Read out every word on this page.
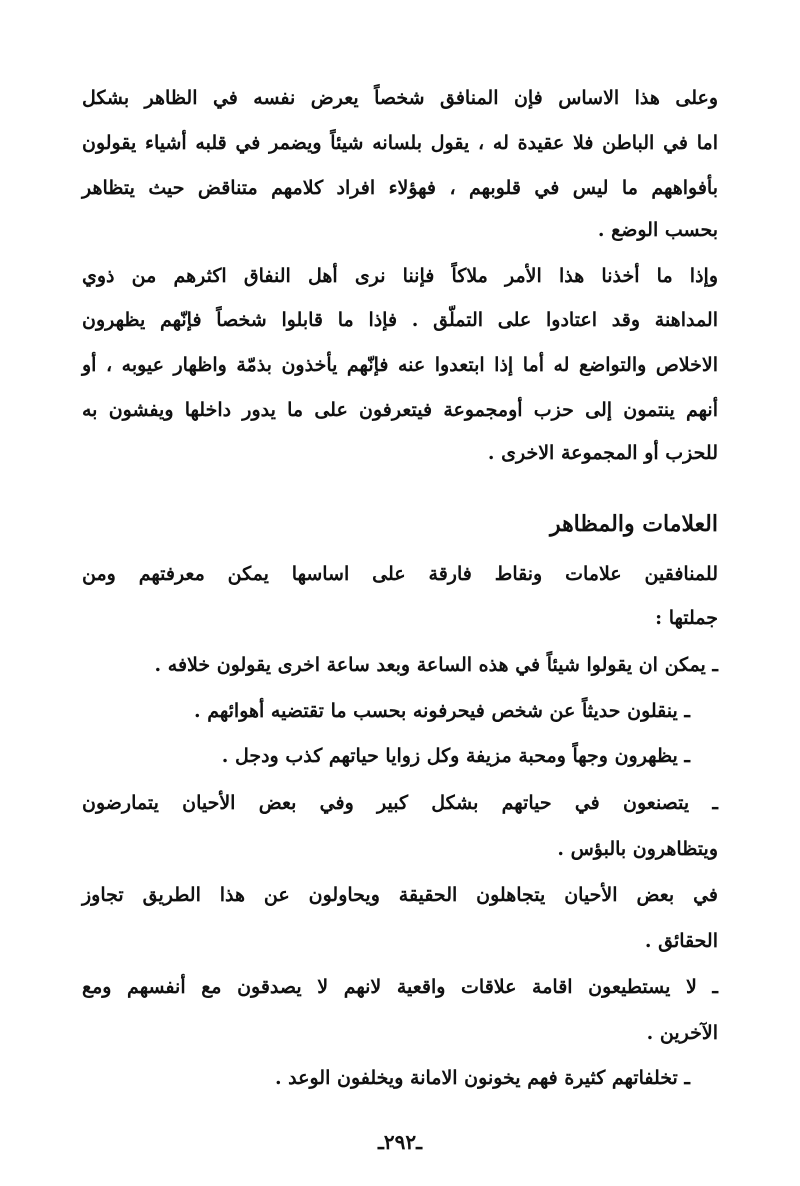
وعلى هذا الاساس فإن المنافق شخصاً يعرض نفسه في الظاهر بشكل
اما في الباطن فلا عقيدة له ، يقول بلسانه شيئاً ويضمر في قلبه أشياء يقولون
بأفواههم ما ليس في قلوبهم ، فهؤلاء افراد كلامهم متناقض حيث يتظاهر
بحسب الوضع .
وإذا ما أخذنا هذا الأمر ملاكاً فإننا نرى أهل النفاق اكثرهم من ذوي
المداهنة وقد اعتادوا على التملّق . فإذا ما قابلوا شخصاً فإنّهم يظهرون
الاخلاص والتواضع له أما إذا ابتعدوا عنه فإنّهم يأخذون بذمّة واظهار عيوبه ، أو
أنهم ينتمون إلى حزب أومجموعة فيتعرفون على ما يدور داخلها ويفشون به
للحزب أو المجموعة الاخرى .
العلامات والمظاهر
للمنافقين علامات ونقاط فارقة على اساسها يمكن معرفتهم ومن
جملتها :
ـ يمكن ان يقولوا شيئاً في هذه الساعة وبعد ساعة اخرى يقولون خلافه .
ـ ينقلون حديثاً عن شخص فيحرفونه بحسب ما تقتضيه أهوائهم .
ـ يظهرون وجهاً ومحبة مزيفة وكل زوايا حياتهم كذب ودجل .
ـ يتصنعون في حياتهم بشكل كبير وفي بعض الأحيان يتمارضون
ويتظاهرون بالبؤس .
في بعض الأحيان يتجاهلون الحقيقة ويحاولون عن هذا الطريق تجاوز
الحقائق .
ـ لا يستطيعون اقامة علاقات واقعية لانهم لا يصدقون مع أنفسهم ومع
الآخرين .
ـ تخلفاتهم كثيرة فهم يخونون الامانة ويخلفون الوعد .
ـ٢٩٢ـ
